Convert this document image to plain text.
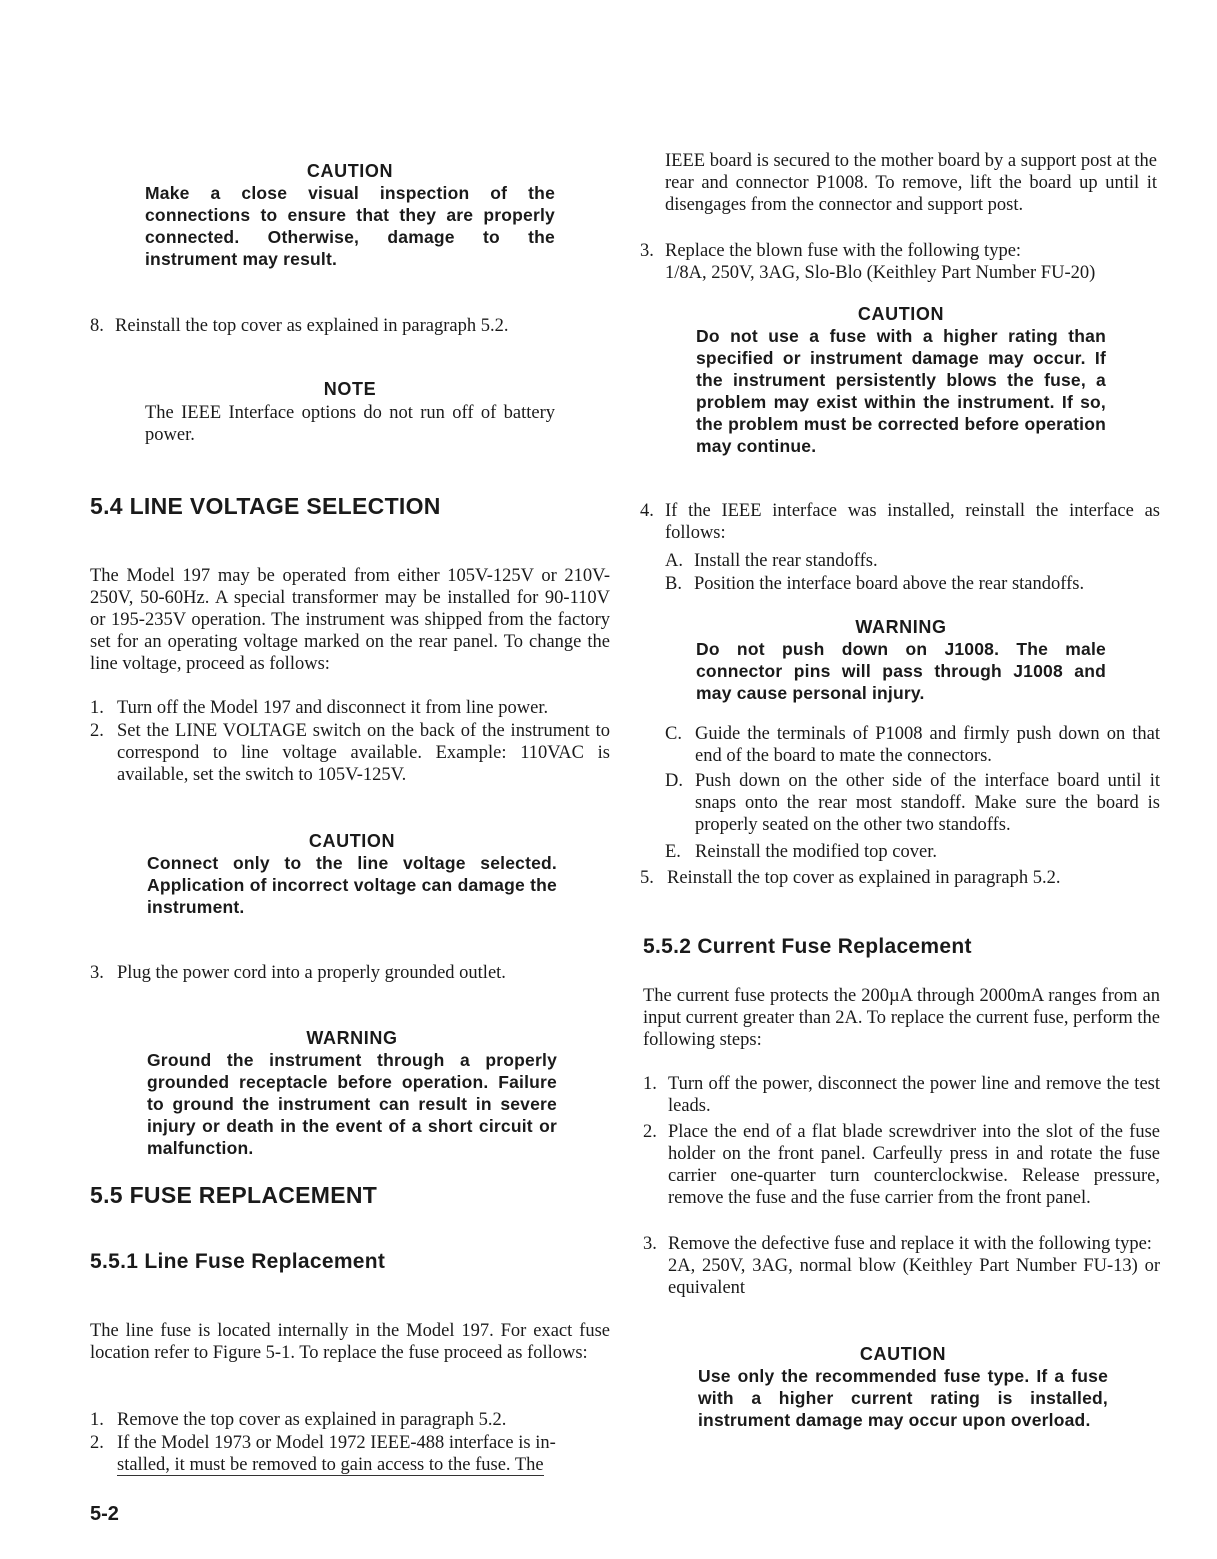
CAUTION
Make a close visual inspection of the connections to ensure that they are properly connected. Otherwise, damage to the instrument may result.
8. Reinstall the top cover as explained in paragraph 5.2.
NOTE
The IEEE Interface options do not run off of battery power.
5.4 LINE VOLTAGE SELECTION
The Model 197 may be operated from either 105V-125V or 210V-250V, 50-60Hz. A special transformer may be installed for 90-110V or 195-235V operation. The instrument was shipped from the factory set for an operating voltage marked on the rear panel. To change the line voltage, proceed as follows:
1. Turn off the Model 197 and disconnect it from line power.
2. Set the LINE VOLTAGE switch on the back of the instrument to correspond to line voltage available. Example: 110VAC is available, set the switch to 105V-125V.
CAUTION
Connect only to the line voltage selected. Application of incorrect voltage can damage the instrument.
3. Plug the power cord into a properly grounded outlet.
WARNING
Ground the instrument through a properly grounded receptacle before operation. Failure to ground the instrument can result in severe injury or death in the event of a short circuit or malfunction.
5.5 FUSE REPLACEMENT
5.5.1 Line Fuse Replacement
The line fuse is located internally in the Model 197. For exact fuse location refer to Figure 5-1. To replace the fuse proceed as follows:
1. Remove the top cover as explained in paragraph 5.2.
2. If the Model 1973 or Model 1972 IEEE-488 interface is in-
stalled, it must be removed to gain access to the fuse. The
5-2
IEEE board is secured to the mother board by a support post at the rear and connector P1008. To remove, lift the board up until it disengages from the connector and support post.
3. Replace the blown fuse with the following type:
1/8A, 250V, 3AG, Slo-Blo (Keithley Part Number FU-20)
CAUTION
Do not use a fuse with a higher rating than specified or instrument damage may occur. If the instrument persistently blows the fuse, a problem may exist within the instrument. If so, the problem must be corrected before operation may continue.
4. If the IEEE interface was installed, reinstall the interface as follows:
A. Install the rear standoffs.
B. Position the interface board above the rear standoffs.
WARNING
Do not push down on J1008. The male connector pins will pass through J1008 and may cause personal injury.
C. Guide the terminals of P1008 and firmly push down on that end of the board to mate the connectors.
D. Push down on the other side of the interface board until it snaps onto the rear most standoff. Make sure the board is properly seated on the other two standoffs.
E. Reinstall the modified top cover.
5. Reinstall the top cover as explained in paragraph 5.2.
5.5.2 Current Fuse Replacement
The current fuse protects the 200µA through 2000mA ranges from an input current greater than 2A. To replace the current fuse, perform the following steps:
1. Turn off the power, disconnect the power line and remove the test leads.
2. Place the end of a flat blade screwdriver into the slot of the fuse holder on the front panel. Carfeully press in and rotate the fuse carrier one-quarter turn counterclockwise. Release pressure, remove the fuse and the fuse carrier from the front panel.
3. Remove the defective fuse and replace it with the following type:
2A, 250V, 3AG, normal blow (Keithley Part Number FU-13) or equivalent
CAUTION
Use only the recommended fuse type. If a fuse with a higher current rating is installed, instrument damage may occur upon overload.
